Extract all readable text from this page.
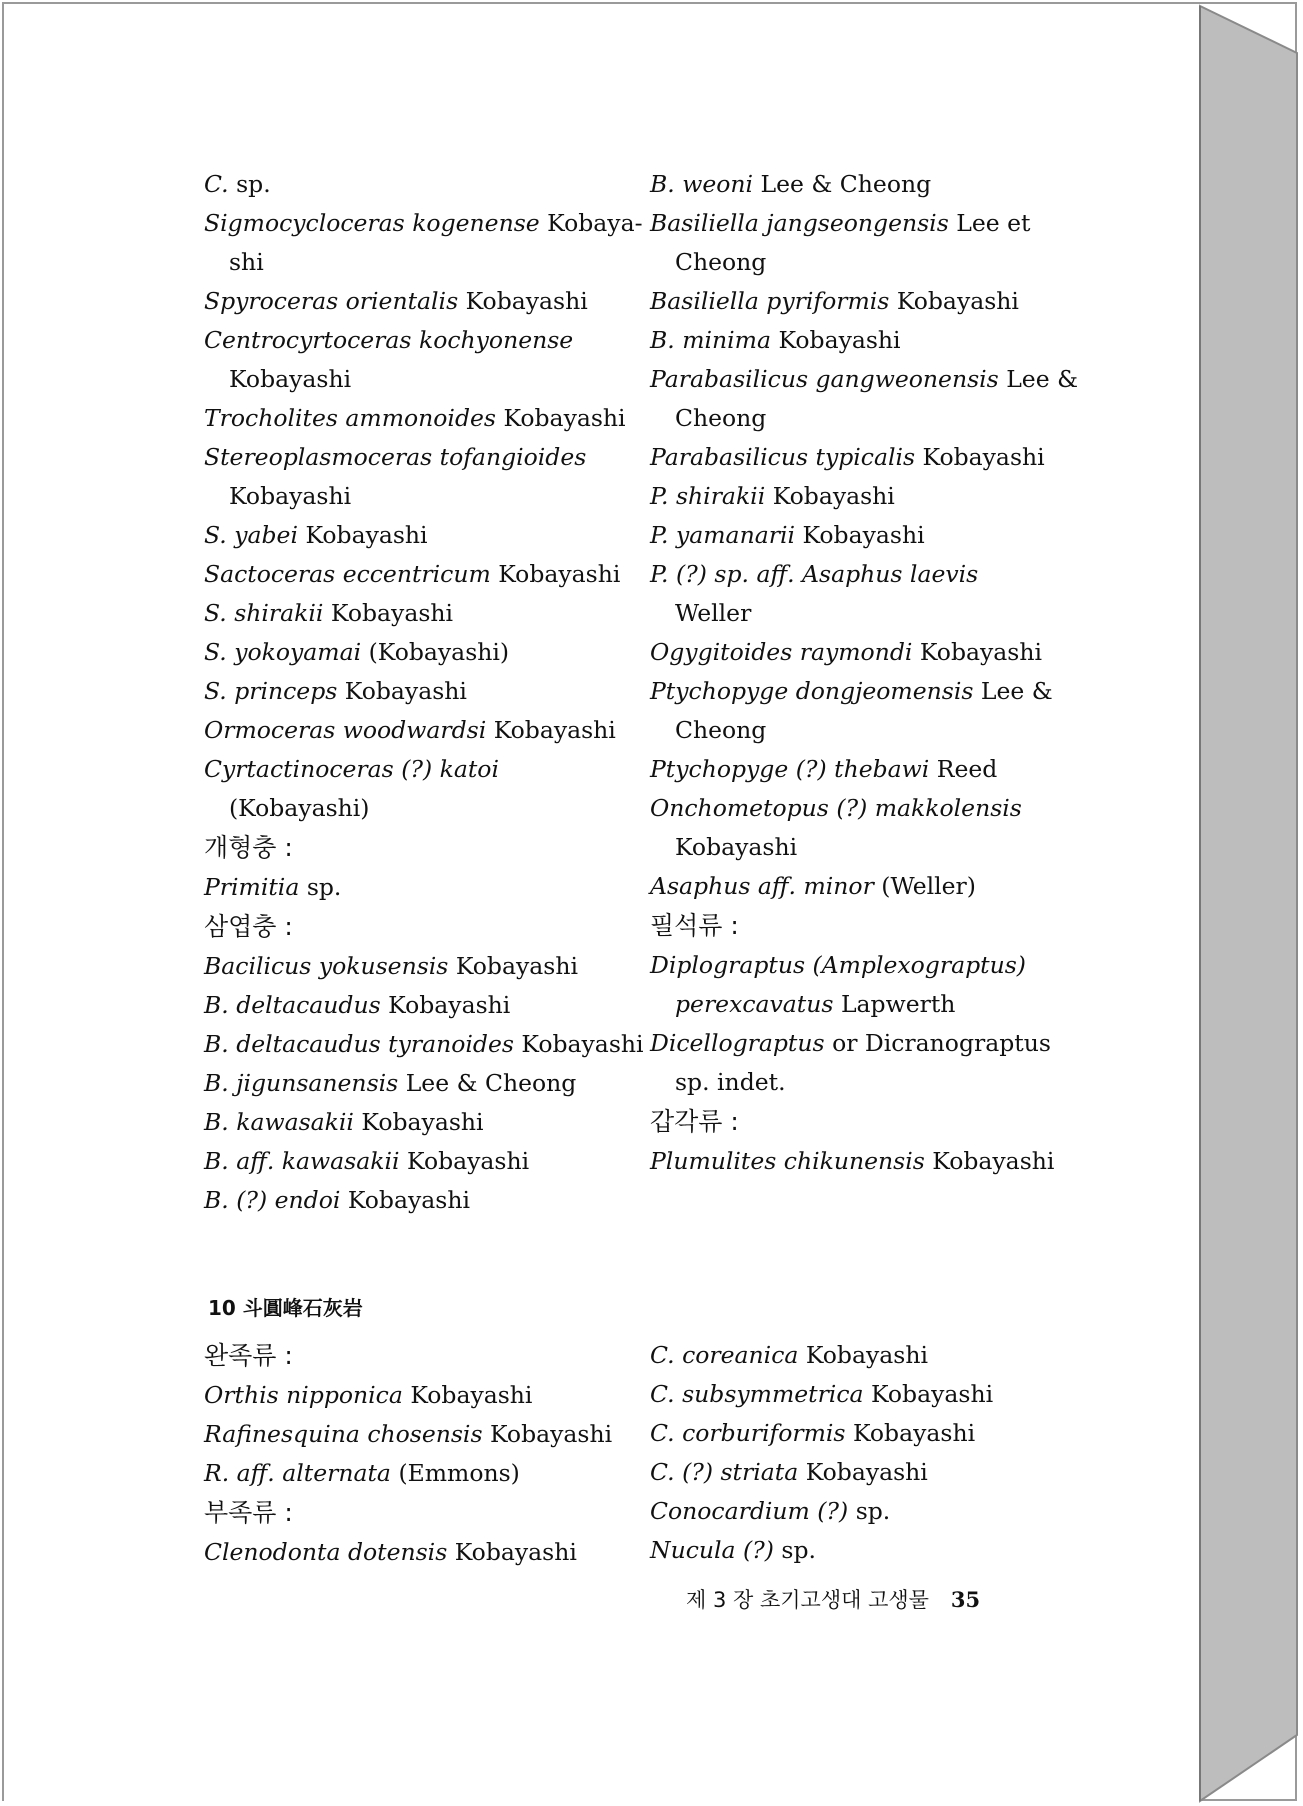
C. sp.
Sigmocycloceras kogenense Kobaya-
shi
Spyroceras orientalis Kobayashi
Centrocyrtoceras kochyonense
Kobayashi
Trocholites ammonoides Kobayashi
Stereoplasmoceras tofangioides
Kobayashi
S. yabei Kobayashi
Sactoceras eccentricum Kobayashi
S. shirakii Kobayashi
S. yokoyamai (Kobayashi)
S. princeps Kobayashi
Ormoceras woodwardsi Kobayashi
Cyrtactinoceras (?) katoi
(Kobayashi)
개형충 :
Primitia sp.
삼엽충 :
Bacilicus yokusensis Kobayashi
B. deltacaudus Kobayashi
B. deltacaudus tyranoides Kobayashi
B. jigunsanensis Lee & Cheong
B. kawasakii Kobayashi
B. aff. kawasakii Kobayashi
B. (?) endoi Kobayashi
B. weoni Lee & Cheong
Basiliella jangseongensis Lee et
Cheong
Basiliella pyriformis Kobayashi
B. minima Kobayashi
Parabasilicus gangweonensis Lee &
Cheong
Parabasilicus typicalis Kobayashi
P. shirakii Kobayashi
P. yamanarii Kobayashi
P. (?) sp. aff. Asaphus laevis
Weller
Ogygitoides raymondi Kobayashi
Ptychopyge dongjeomensis Lee &
Cheong
Ptychopyge (?) thebawi Reed
Onchometopus (?) makkolensis
Kobayashi
Asaphus aff. minor (Weller)
필석류 :
Diplograptus (Amplexograptus)
perexcavatus Lapwerth
Dicellograptus or Dicranograptus
sp. indet.
갑각류 :
Plumulites chikunensis Kobayashi
10 斗圓峰石灰岩
완족류 :
Orthis nipponica Kobayashi
Rafinesquina chosensis Kobayashi
R. aff. alternata (Emmons)
부족류 :
Clenodonta dotensis Kobayashi
C. coreanica Kobayashi
C. subsymmetrica Kobayashi
C. corburiformis Kobayashi
C. (?) striata Kobayashi
Conocardium (?) sp.
Nucula (?) sp.
제 3 장 초기고생대 고생물 35
